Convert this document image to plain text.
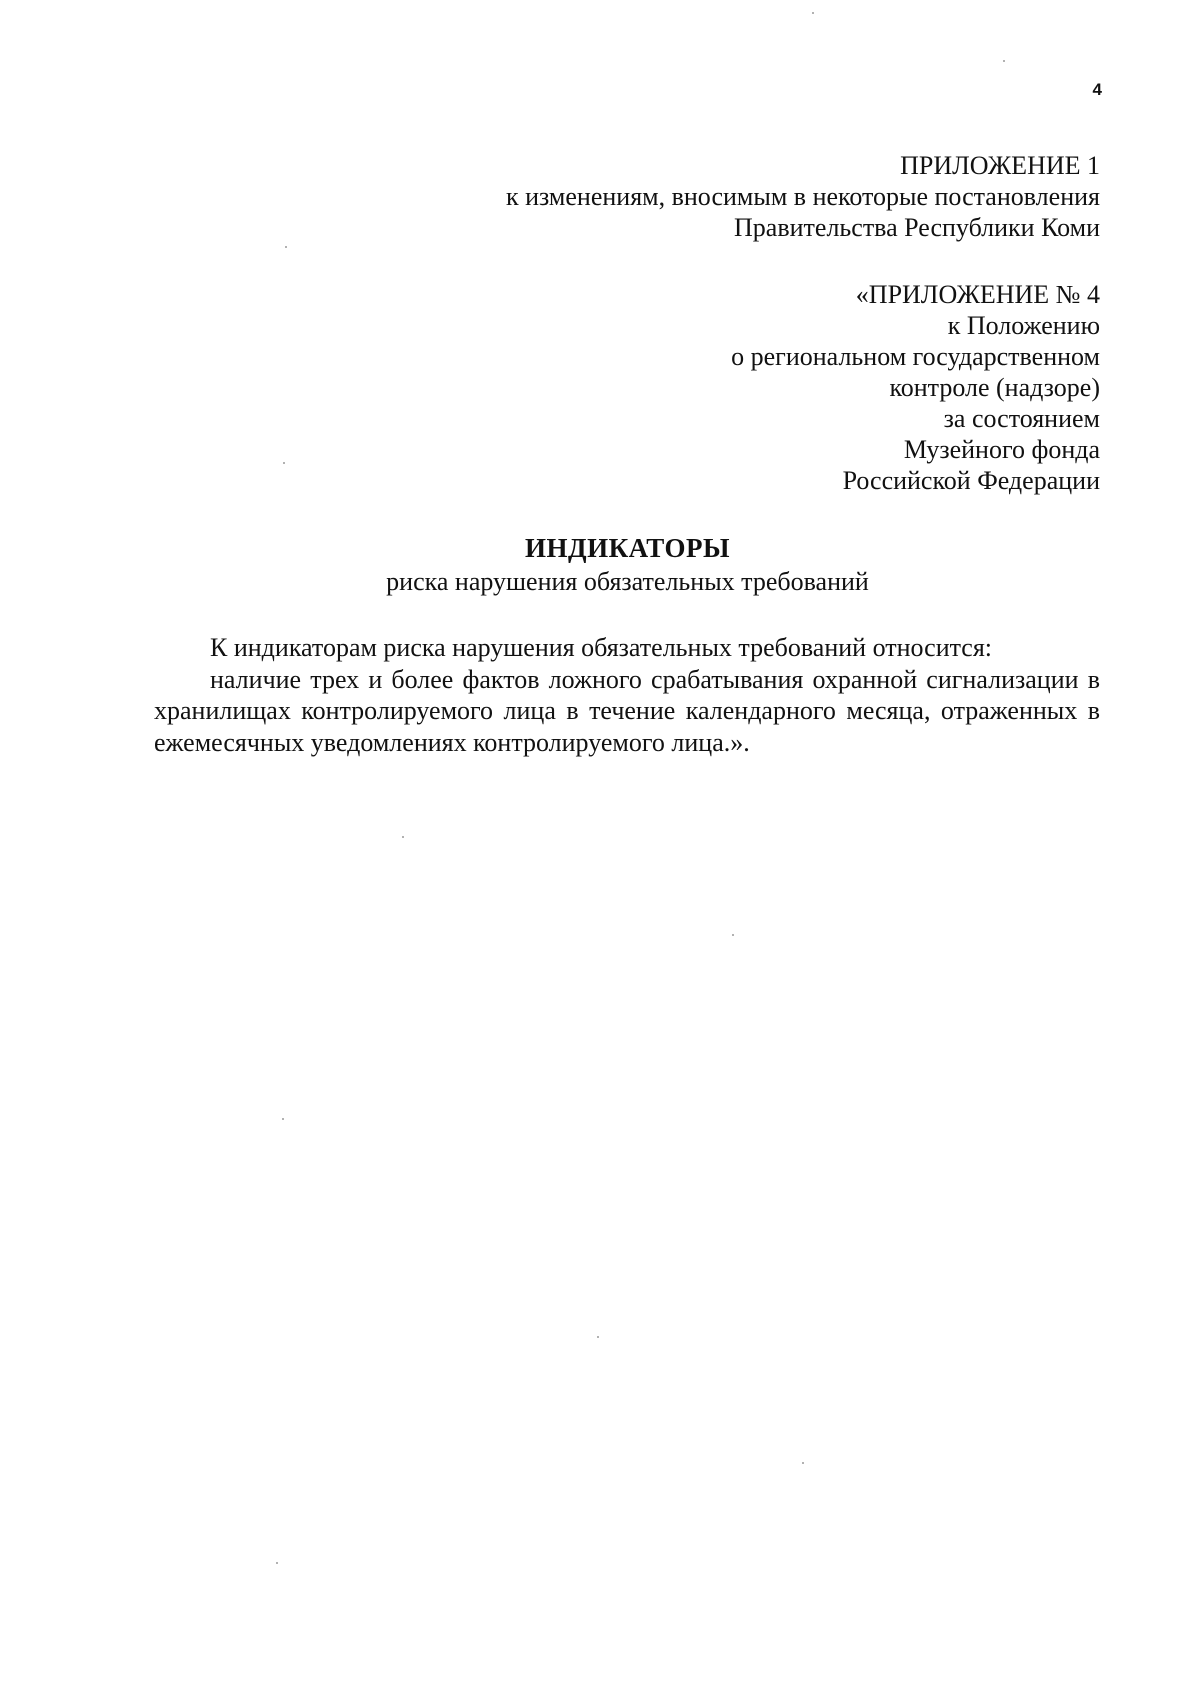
4
ПРИЛОЖЕНИЕ 1
к изменениям, вносимым в некоторые постановления
Правительства Республики Коми
«ПРИЛОЖЕНИЕ № 4
к Положению
о региональном государственном
контроле (надзоре)
за состоянием
Музейного фонда
Российской Федерации
ИНДИКАТОРЫ
риска нарушения обязательных требований

К индикаторам риска нарушения обязательных требований относится:

наличие трех и более фактов ложного срабатывания охранной сигнализации в хранилищах контролируемого лица в течение календарного месяца, отраженных в ежемесячных уведомлениях контролируемого лица.».
